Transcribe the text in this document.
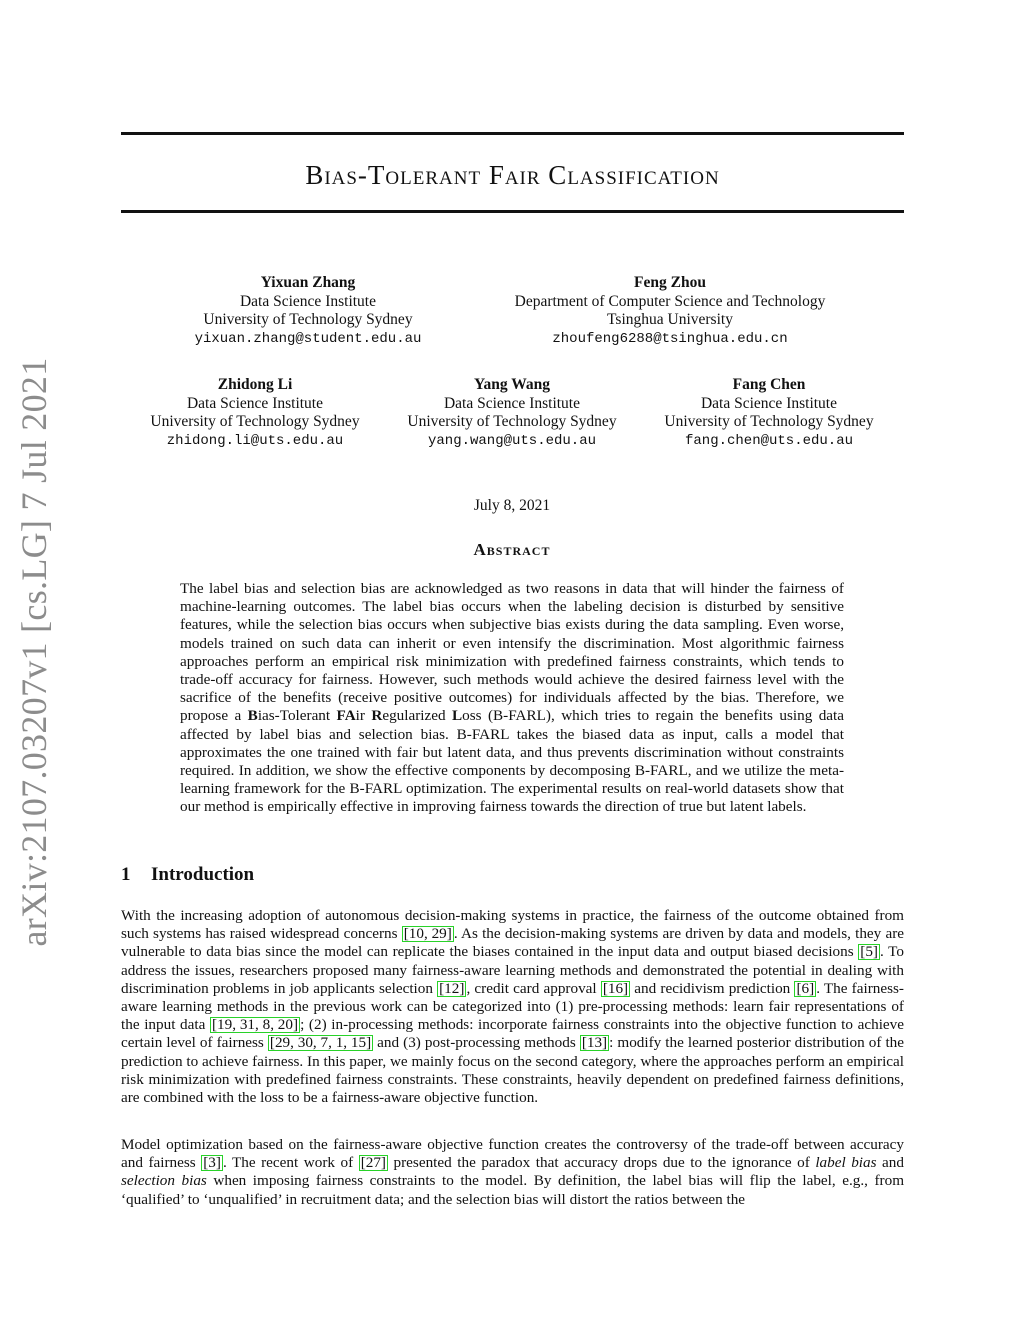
arXiv:2107.03207v1 [cs.LG] 7 Jul 2021
Bias-Tolerant Fair Classification
Yixuan Zhang
Data Science Institute
University of Technology Sydney
yixuan.zhang@student.edu.au
Feng Zhou
Department of Computer Science and Technology
Tsinghua University
zhoufeng6288@tsinghua.edu.cn
Zhidong Li
Data Science Institute
University of Technology Sydney
zhidong.li@uts.edu.au
Yang Wang
Data Science Institute
University of Technology Sydney
yang.wang@uts.edu.au
Fang Chen
Data Science Institute
University of Technology Sydney
fang.chen@uts.edu.au
July 8, 2021
Abstract
The label bias and selection bias are acknowledged as two reasons in data that will hinder the fairness of machine-learning outcomes. The label bias occurs when the labeling decision is disturbed by sensitive features, while the selection bias occurs when subjective bias exists during the data sampling. Even worse, models trained on such data can inherit or even intensify the discrimination. Most algorithmic fairness approaches perform an empirical risk minimization with predefined fairness constraints, which tends to trade-off accuracy for fairness. However, such methods would achieve the desired fairness level with the sacrifice of the benefits (receive positive outcomes) for individuals affected by the bias. Therefore, we propose a Bias-Tolerant FAir Regularized Loss (B-FARL), which tries to regain the benefits using data affected by label bias and selection bias. B-FARL takes the biased data as input, calls a model that approximates the one trained with fair but latent data, and thus prevents discrimination without constraints required. In addition, we show the effective components by decomposing B-FARL, and we utilize the meta-learning framework for the B-FARL optimization. The experimental results on real-world datasets show that our method is empirically effective in improving fairness towards the direction of true but latent labels.
1 Introduction
With the increasing adoption of autonomous decision-making systems in practice, the fairness of the outcome obtained from such systems has raised widespread concerns [10, 29] . As the decision-making systems are driven by data and models, they are vulnerable to data bias since the model can replicate the biases contained in the input data and output biased decisions [5] . To address the issues, researchers proposed many fairness-aware learning methods and demonstrated the potential in dealing with discrimination problems in job applicants selection [12] , credit card approval [16] and recidivism prediction [6] . The fairness-aware learning methods in the previous work can be categorized into (1) pre-processing methods: learn fair representations of the input data [19, 31, 8, 20] ; (2) in-processing methods: incorporate fairness constraints into the objective function to achieve certain level of fairness [29, 30, 7, 1, 15] and (3) post-processing methods [13] : modify the learned posterior distribution of the prediction to achieve fairness. In this paper, we mainly focus on the second category, where the approaches perform an empirical risk minimization with predefined fairness constraints. These constraints, heavily dependent on predefined fairness definitions, are combined with the loss to be a fairness-aware objective function.
Model optimization based on the fairness-aware objective function creates the controversy of the trade-off between accuracy and fairness [3] . The recent work of [27] presented the paradox that accuracy drops due to the ignorance of label bias and selection bias when imposing fairness constraints to the model. By definition, the label bias will flip the label, e.g., from ‘qualified’ to ‘unqualified’ in recruitment data; and the selection bias will distort the ratios between the
